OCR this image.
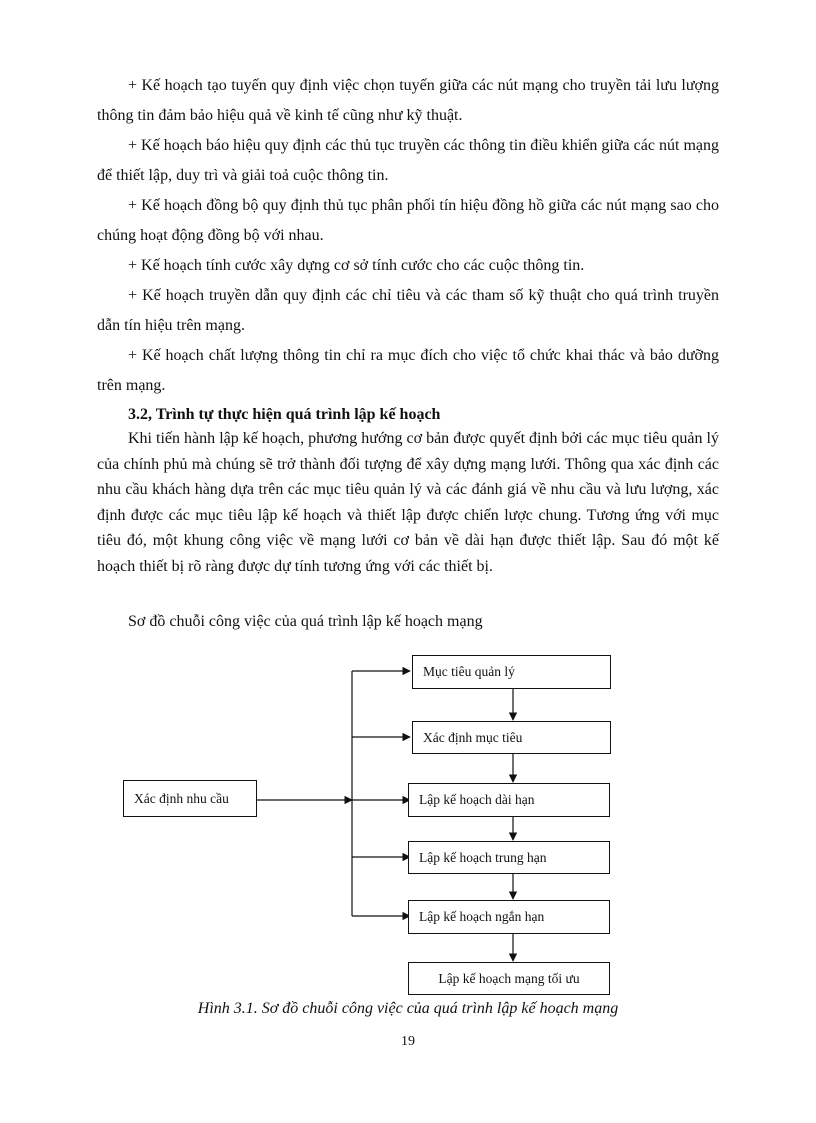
+ Kế hoạch tạo tuyến quy định việc chọn tuyến giữa các nút mạng cho truyền tải lưu lượng thông tin đảm bảo hiệu quả về kinh tế cũng như kỹ thuật.

+ Kế hoạch báo hiệu quy định các thủ tục truyền các thông tin điều khiển giữa các nút mạng để thiết lập, duy trì và giải toả cuộc thông tin.

+ Kế hoạch đồng bộ quy định thủ tục phân phối tín hiệu đồng hồ giữa các nút mạng sao cho chúng hoạt động đồng bộ với nhau.

+ Kế hoạch tính cước xây dựng cơ sở tính cước cho các cuộc thông tin.

+ Kế hoạch truyền dẫn quy định các chỉ tiêu và các tham số kỹ thuật cho quá trình truyền dẫn tín hiệu trên mạng.

+ Kế hoạch chất lượng thông tin chỉ ra mục đích cho việc tổ chức khai thác và bảo dưỡng trên mạng.

3.2, Trình tự thực hiện quá trình lập kế hoạch

Khi tiến hành lập kế hoạch, phương hướng cơ bản được quyết định bởi các mục tiêu quản lý của chính phủ mà chúng sẽ trở thành đối tượng để xây dựng mạng lưới. Thông qua xác định các nhu cầu khách hàng dựa trên các mục tiêu quản lý và các đánh giá về nhu cầu và lưu lượng, xác định được các mục tiêu lập kế hoạch và thiết lập được chiến lược chung. Tương ứng với mục tiêu đó, một khung công việc về mạng lưới cơ bản về dài hạn được thiết lập. Sau đó một kế hoạch thiết bị rõ ràng được dự tính tương ứng với các thiết bị.

Sơ đồ chuỗi công việc của quá trình lập kế hoạch mạng

Xác định nhu cầu
Mục tiêu quản lý
Xác định mục tiêu
Lập kế hoạch dài hạn
Lập kế hoạch trung hạn
Lập kế hoạch ngắn hạn
Lập kế hoạch mạng tối ưu

Hình 3.1. Sơ đồ chuỗi công việc của quá trình lập kế hoạch mạng

19
